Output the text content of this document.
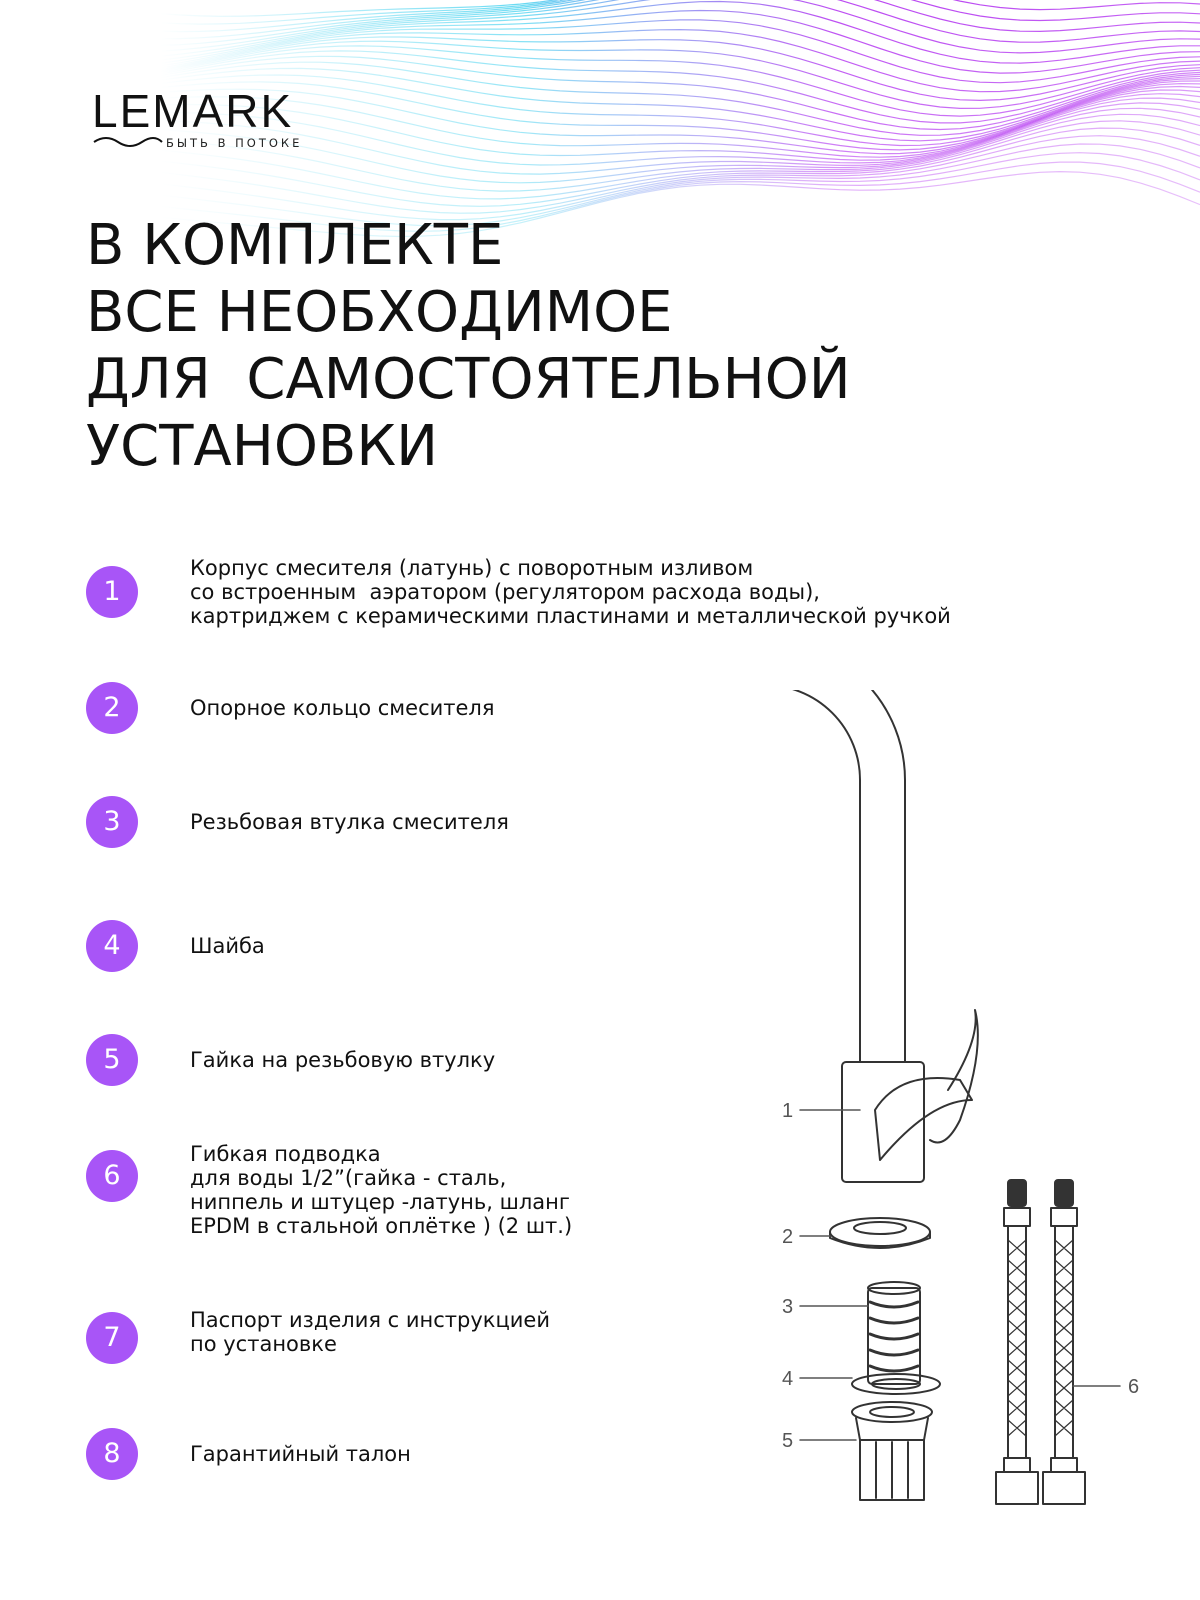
LEMARK
БЫТЬ В ПОТОКЕ
В КОМПЛЕКТЕ
ВСЕ НЕОБХОДИМОЕ
ДЛЯ  САМОСТОЯТЕЛЬНОЙ
УСТАНОВКИ
1
Корпус смесителя (латунь) с поворотным изливом
со встроенным  аэратором (регулятором расхода воды),
картриджем с керамическими пластинами и металлической ручкой
2	Опорное кольцо смесителя
3	Резьбовая втулка смесителя
4	Шайба
5	Гайка на резьбовую втулку
6
Гибкая подводка
для воды 1/2”(гайка - сталь,
ниппель и штуцер -латунь, шланг
EPDM в стальной оплётке ) (2 шт.)
7
Паспорт изделия с инструкцией
по установке
8	Гарантийный талон
1
2
3
4
5
6
